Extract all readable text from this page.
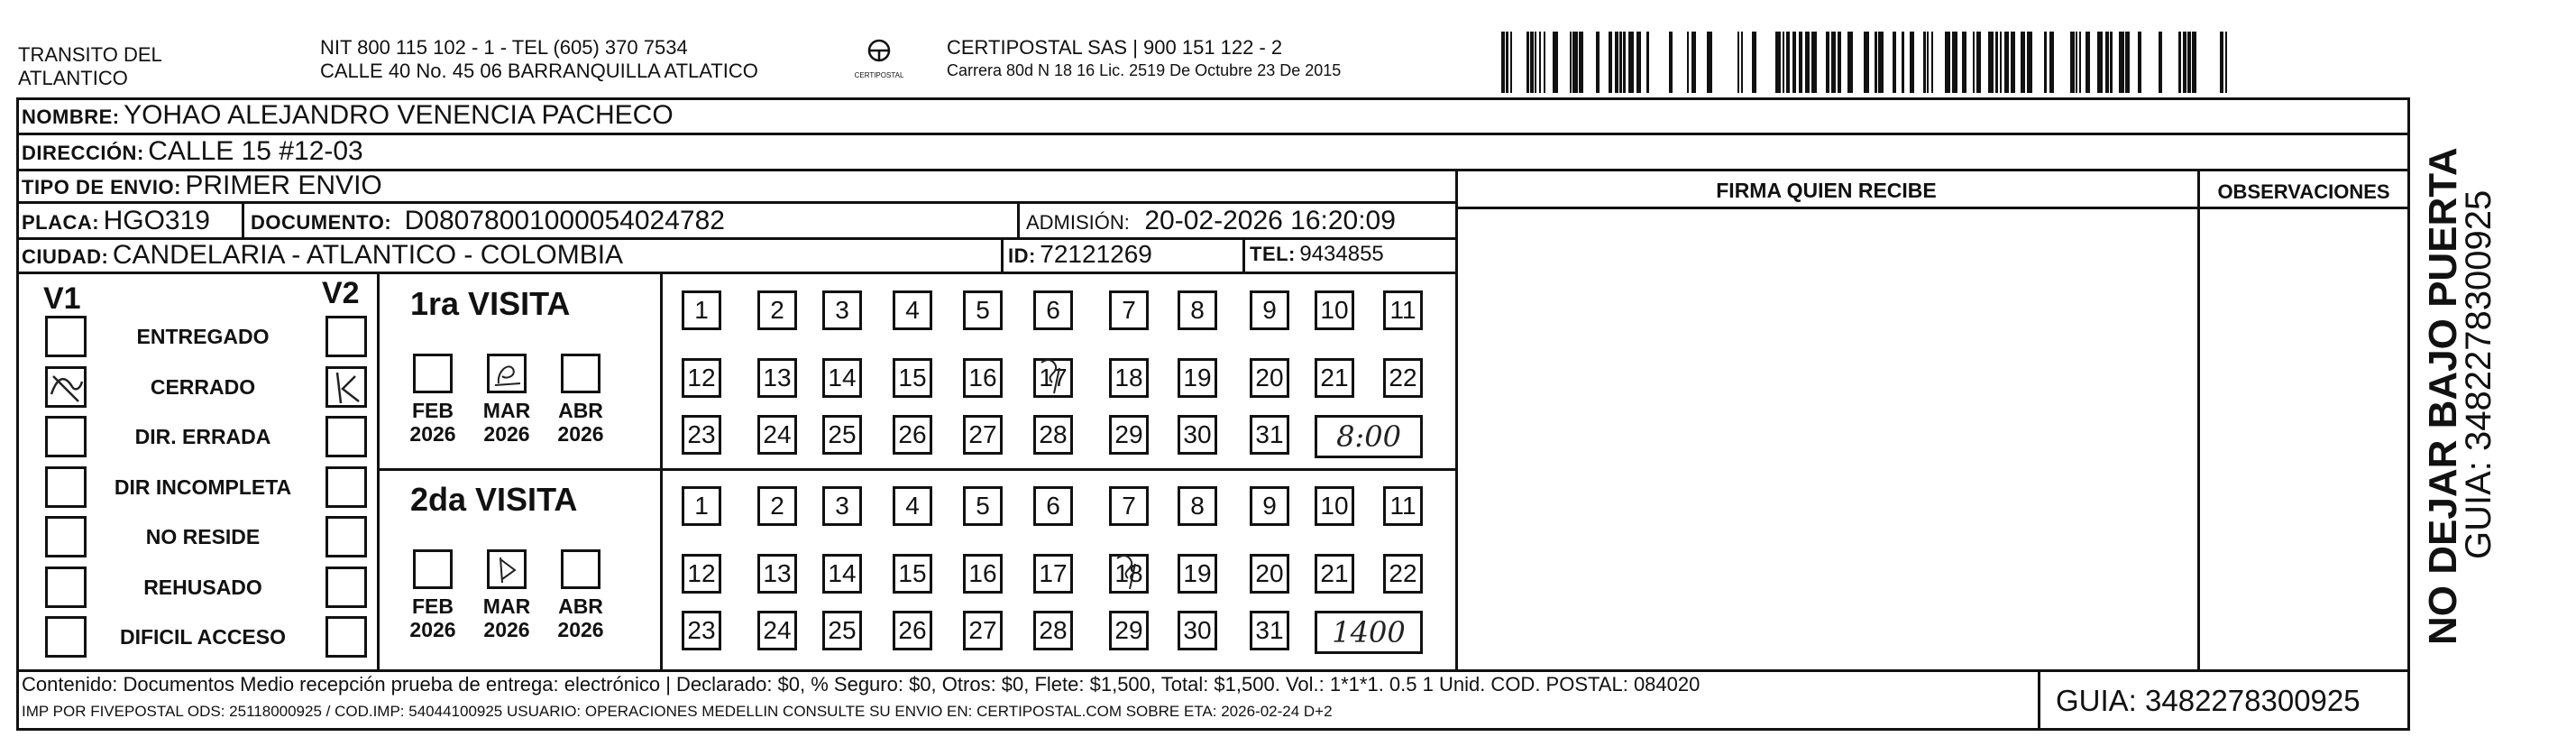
TRANSITO DEL
ATLANTICO
NIT 800 115 102 - 1 - TEL (605) 370 7534
CALLE 40 No. 45 06 BARRANQUILLA ATLATICO	CERTIPOSTAL
CERTIPOSTAL SAS | 900 151 122 - 2
Carrera 80d N 18 16 Lic. 2519 De Octubre 23 De 2015
NOMBRE: YOHAO ALEJANDRO VENENCIA PACHECO
DIRECCIÓN: CALLE 15 #12-03
TIPO DE ENVIO: PRIMER ENVIO
PLACA: HGO319 DOCUMENTO: D08078001000054024782	ADMISIÓN: 20-02-2026 16:20:09
CIUDAD: CANDELARIA - ATLANTICO - COLOMBIA	ID: 72121269	TEL: 9434855
FIRMA QUIEN RECIBE	OBSERVACIONES
V1	V2
ENTREGADO
CERRADO
DIR. ERRADA
DIR INCOMPLETA
NO RESIDE
REHUSADO
DIFICIL ACCESO
1ra VISITA
FEB
2026
MAR
2026
ABR
2026
1	2	3	4	5	6	7	8	9	10 11
12 13 14 15 16 17 18 19 20 21 22
23 24 25 26 27 28 29 30 31	8:00
2da VISITA
FEB
2026
MAR
2026
ABR
2026
1	2	3	4	5	6	7	8	9	10 11
12 13 14 15 16 17 18 19 20 21 22
23 24 25 26 27 28 29 30 31	1400
Contenido: Documentos Medio recepción prueba de entrega: electrónico | Declarado: $0, % Seguro: $0, Otros: $0, Flete: $1,500, Total: $1,500. Vol.: 1*1*1. 0.5 1 Unid. COD. POSTAL: 084020
IMP POR FIVEPOSTAL ODS: 25118000925 / COD.IMP: 54044100925 USUARIO: OPERACIONES MEDELLIN CONSULTE SU ENVIO EN: CERTIPOSTAL.COM SOBRE ETA: 2026-02-24 D+2	GUIA: 3482278300925
NO DEJAR BAJO PUERTA
GUIA: 3482278300925
